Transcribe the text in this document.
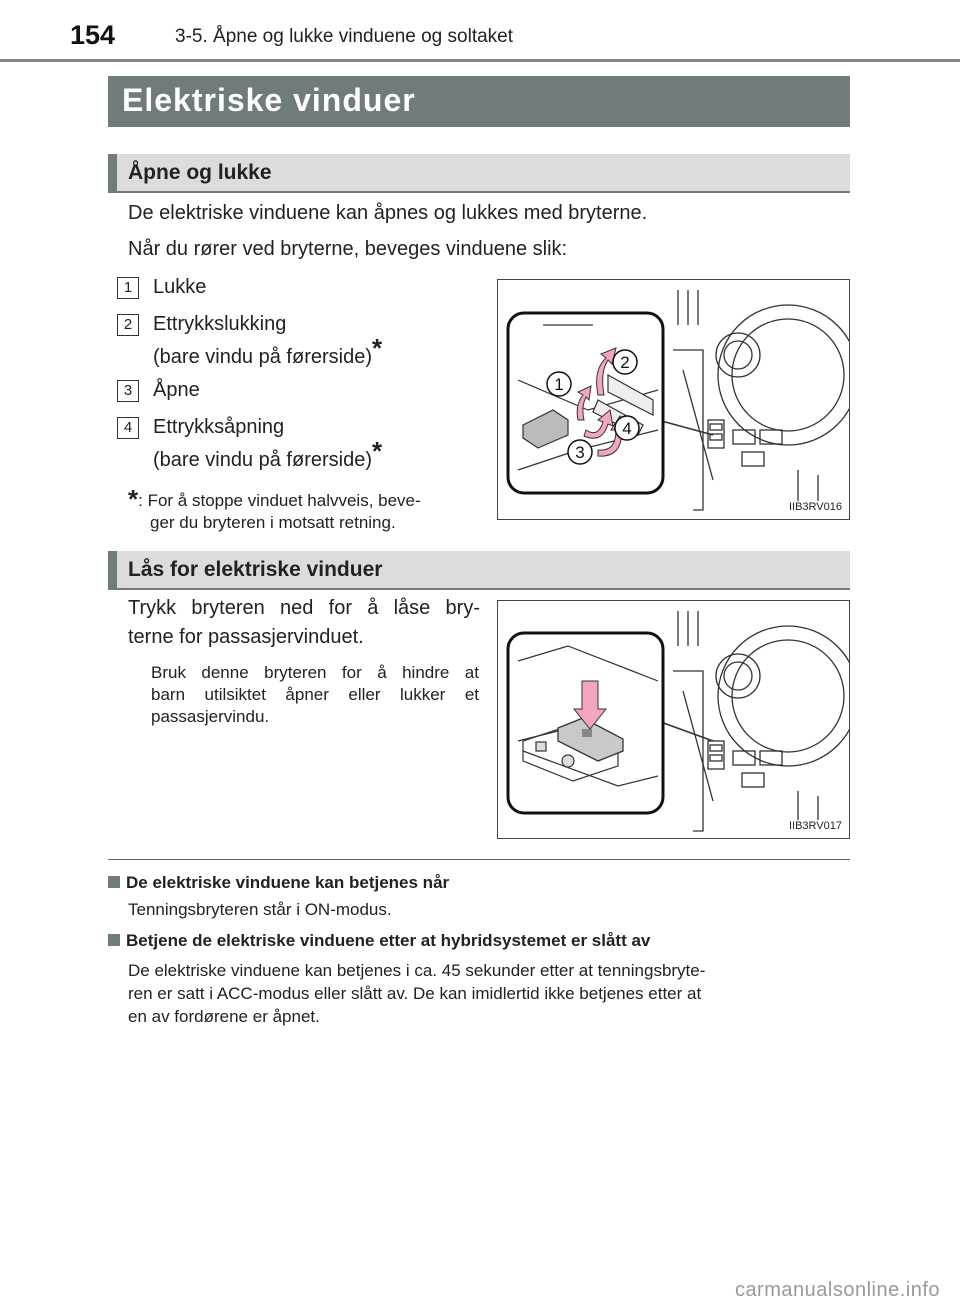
154	3-5. Åpne og lukke vinduene og soltaket
Elektriske vinduer
Åpne og lukke
De elektriske vinduene kan åpnes og lukkes med bryterne.
Når du rører ved bryterne, beveges vinduene slik:
1	Lukke
2	Ettrykkslukking
(bare vindu på førerside)*
3	Åpne
4	Ettrykksåpning
(bare vindu på førerside)*
*: For å stoppe vinduet halvveis, beve-
ger du bryteren i motsatt retning.
1
2
3
4
IIB3RV016
Lås for elektriske vinduer
Trykk bryteren ned for å låse bry-
terne for passasjervinduet.
Bruk denne bryteren for å hindre at
barn utilsiktet åpner eller lukker et
passasjervindu.
IIB3RV017
De elektriske vinduene kan betjenes når
Tenningsbryteren står i ON-modus.
Betjene de elektriske vinduene etter at hybridsystemet er slått av
De elektriske vinduene kan betjenes i ca. 45 sekunder etter at tenningsbryte-
ren er satt i ACC-modus eller slått av. De kan imidlertid ikke betjenes etter at
en av fordørene er åpnet.
carmanualsonline.info
